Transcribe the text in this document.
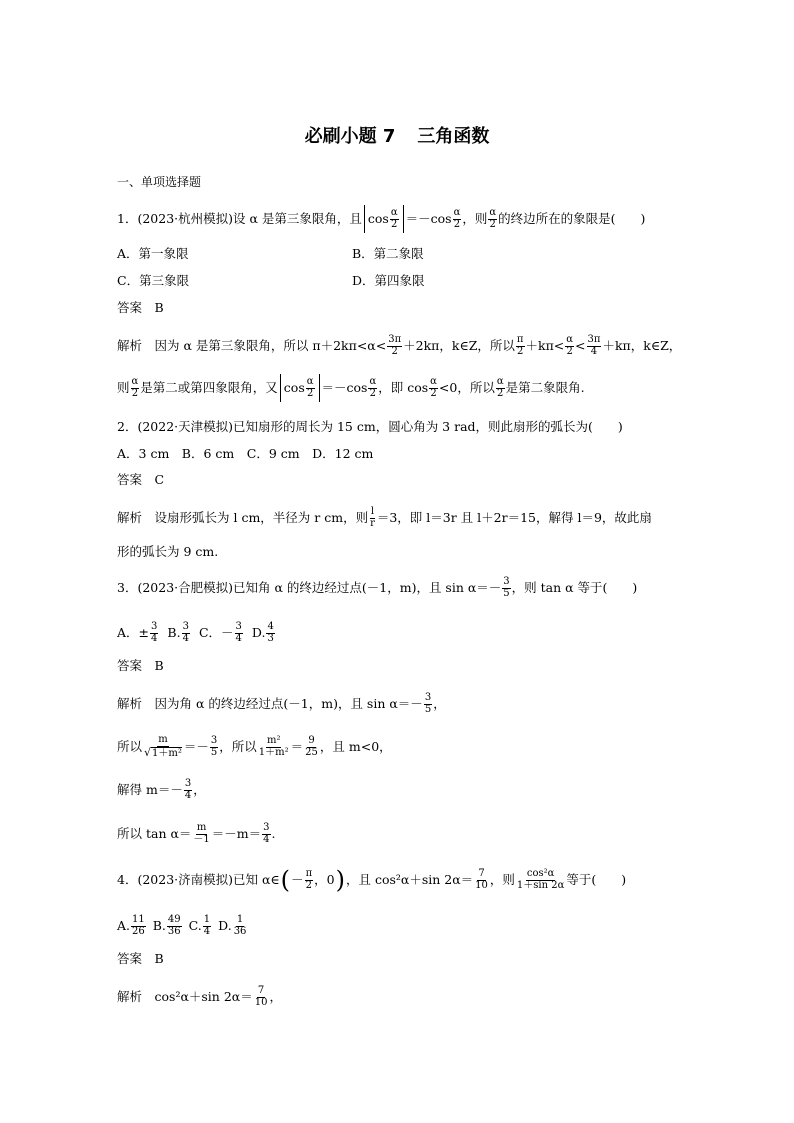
必刷小题 7 三角函数
一、单项选择题
1．(2023·杭州模拟)设 α 是第三象限角，且 $\cos \frac{\alpha}{2} =-\cos \frac{\alpha}{2}$ ，则 $\frac{\alpha}{2}$ 的终边所在的象限是(　　)
A．第一象限	B．第二象限
C．第三象限	D．第四象限
答案　B
解析　因为 α 是第三象限角，所以 $\pi+2k\pi<\alpha< \frac{3\pi}{2} +2k\pi$，k∈Z，所以 $\frac{\pi}{2} +k\pi< \frac{\alpha}{2} < \frac{3\pi}{4} +k\pi$，k∈Z，
则 $\frac{\alpha}{2}$ 是第二或第四象限角，又 $\cos \frac{\alpha}{2} =-\cos \frac{\alpha}{2}$ ，即 $\cos \frac{\alpha}{2} <0$，所以 $\frac{\alpha}{2}$ 是第二象限角.
2．(2022·天津模拟)已知扇形的周长为 15 cm，圆心角为 3 rad，则此扇形的弧长为(　　)
A．3 cm　B．6 cm　C．9 cm　D．12 cm
答案　C
解析　设扇形弧长为 l cm，半径为 r cm，则 $\frac{l}{r} =3$，即 l＝3r 且 l＋2r＝15，解得 l＝9，故此扇
形的弧长为 9 cm.
3．(2023·合肥模拟)已知角 α 的终边经过点(－1，m)，且 $\sin \alpha=- \frac{3}{5}$ ，则 tan α 等于(　　)
A．± $\frac{3}{4} B$. $\frac{3}{4}$ C．－ $\frac{3}{4} D$. $\frac{4}{3}$
答案　B
解析　因为角 α 的终边经过点(－1，m)，且 $\sin \alpha=- \frac{3}{5}$ ，
所以 $\frac{m}{\text{√1＋m²}} =- \frac{3}{5}$ ，所以 $\frac{\text{m²}}{\text{1＋m²}} = \frac{9}{25}$ ，且 m<0，
解得 $m=- \frac{3}{4}$ ，
所以 $\tan \alpha= \frac{m}{-1} =-m= \frac{3}{4}$ .
4．(2023·济南模拟)已知 α∈ ( － $\frac{\pi}{2}$ ，0 ) ，且 cos²α＋sin $2\alpha= \frac{7}{10}$ ，则 $\frac{\text{cos²α}}{1+\sin 2\alpha}$ 等于(　　)
A. $\frac{11}{26} B$. $\frac{49}{36} C$. $\frac{1}{4} D$. $\frac{1}{36}$
答案　B
解析　cos²α＋sin $2\alpha= \frac{7}{10}$ ，
